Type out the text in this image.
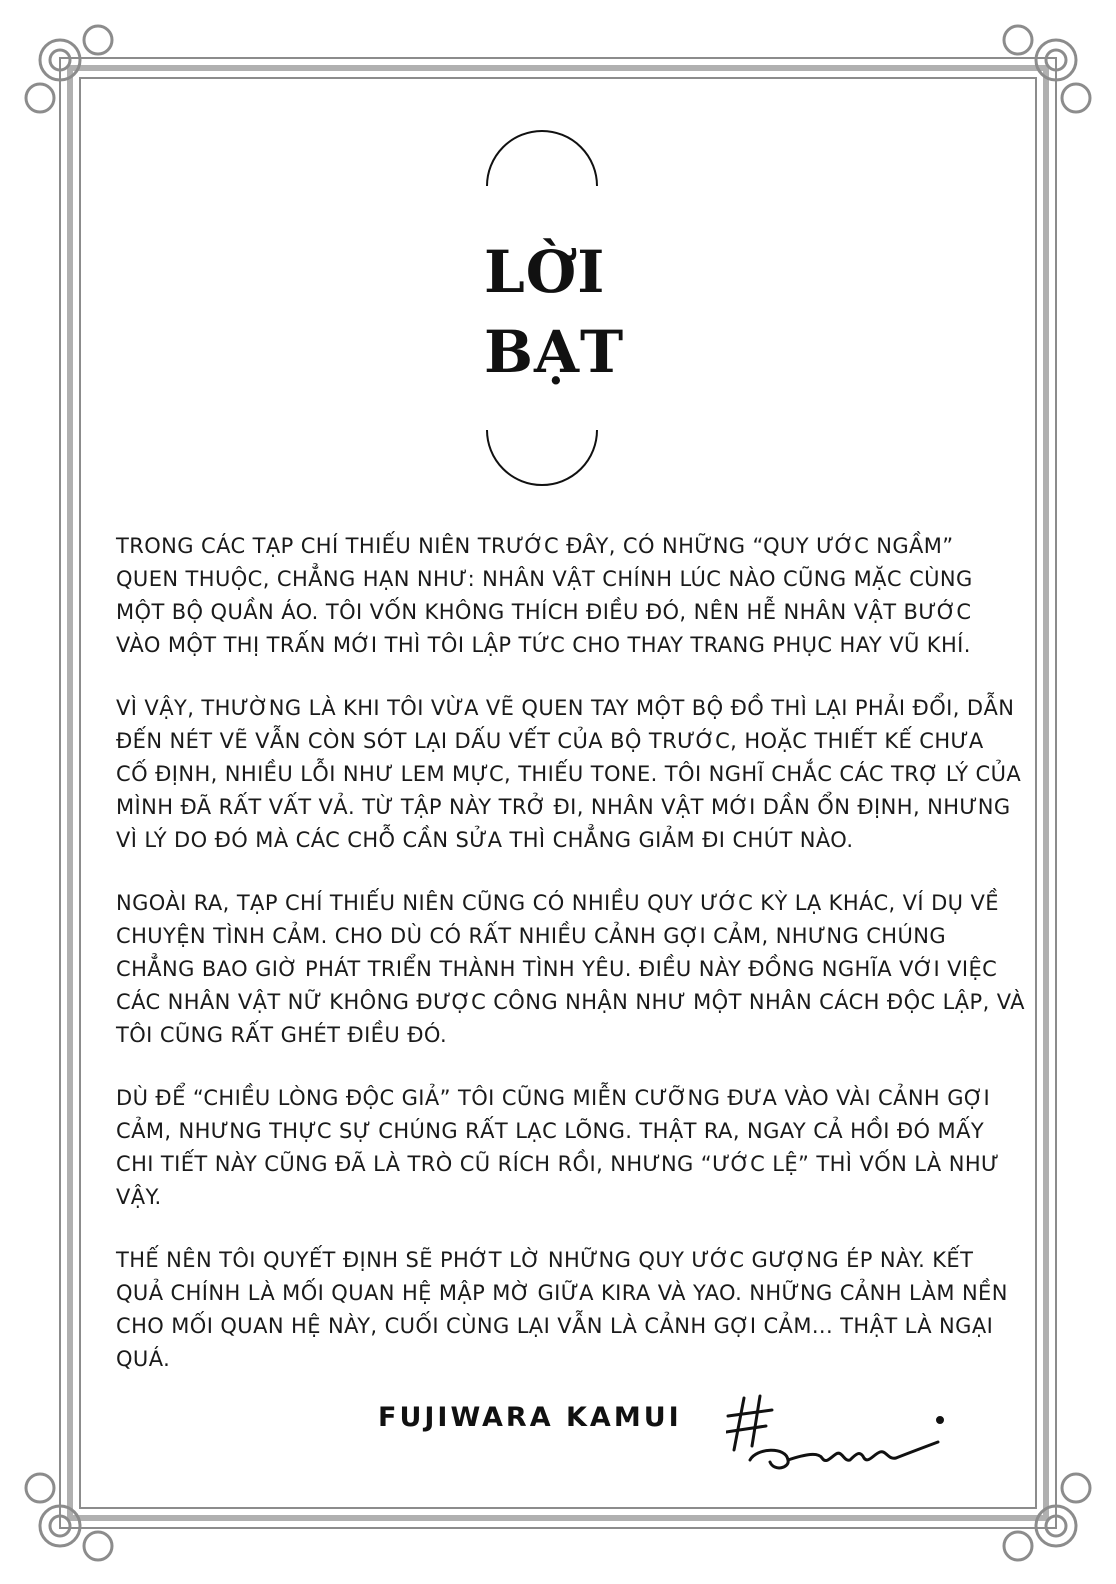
LỜI
BẠT
TRONG CÁC TẠP CHÍ THIẾU NIÊN TRƯỚC ĐÂY, CÓ NHỮNG “QUY ƯỚC NGẦM”
QUEN THUỘC, CHẲNG HẠN NHƯ: NHÂN VẬT CHÍNH LÚC NÀO CŨNG MẶC CÙNG
MỘT BỘ QUẦN ÁO. TÔI VỐN KHÔNG THÍCH ĐIỀU ĐÓ, NÊN HỄ NHÂN VẬT BƯỚC
VÀO MỘT THỊ TRẤN MỚI THÌ TÔI LẬP TỨC CHO THAY TRANG PHỤC HAY VŨ KHÍ.
VÌ VẬY, THƯỜNG LÀ KHI TÔI VỪA VẼ QUEN TAY MỘT BỘ ĐỒ THÌ LẠI PHẢI ĐỔI, DẪN
ĐẾN NÉT VẼ VẪN CÒN SÓT LẠI DẤU VẾT CỦA BỘ TRƯỚC, HOẶC THIẾT KẾ CHƯA
CỐ ĐỊNH, NHIỀU LỖI NHƯ LEM MỰC, THIẾU TONE. TÔI NGHĨ CHẮC CÁC TRỢ LÝ CỦA
MÌNH ĐÃ RẤT VẤT VẢ. TỪ TẬP NÀY TRỞ ĐI, NHÂN VẬT MỚI DẦN ỔN ĐỊNH, NHƯNG
VÌ LÝ DO ĐÓ MÀ CÁC CHỖ CẦN SỬA THÌ CHẲNG GIẢM ĐI CHÚT NÀO.
NGOÀI RA, TẠP CHÍ THIẾU NIÊN CŨNG CÓ NHIỀU QUY ƯỚC KỲ LẠ KHÁC, VÍ DỤ VỀ
CHUYỆN TÌNH CẢM. CHO DÙ CÓ RẤT NHIỀU CẢNH GỢI CẢM, NHƯNG CHÚNG
CHẲNG BAO GIỜ PHÁT TRIỂN THÀNH TÌNH YÊU. ĐIỀU NÀY ĐỒNG NGHĨA VỚI VIỆC
CÁC NHÂN VẬT NỮ KHÔNG ĐƯỢC CÔNG NHẬN NHƯ MỘT NHÂN CÁCH ĐỘC LẬP, VÀ
TÔI CŨNG RẤT GHÉT ĐIỀU ĐÓ.
DÙ ĐỂ “CHIỀU LÒNG ĐỘC GIẢ” TÔI CŨNG MIỄN CƯỠNG ĐƯA VÀO VÀI CẢNH GỢI
CẢM, NHƯNG THỰC SỰ CHÚNG RẤT LẠC LÕNG. THẬT RA, NGAY CẢ HỒI ĐÓ MẤY
CHI TIẾT NÀY CŨNG ĐÃ LÀ TRÒ CŨ RÍCH RỒI, NHƯNG “ƯỚC LỆ” THÌ VỐN LÀ NHƯ
VẬY.
THẾ NÊN TÔI QUYẾT ĐỊNH SẼ PHỚT LỜ NHỮNG QUY ƯỚC GƯỢNG ÉP NÀY. KẾT
QUẢ CHÍNH LÀ MỐI QUAN HỆ MẬP MỜ GIỮA KIRA VÀ YAO. NHỮNG CẢNH LÀM NỀN
CHO MỐI QUAN HỆ NÀY, CUỐI CÙNG LẠI VẪN LÀ CẢNH GỢI CẢM... THẬT LÀ NGẠI
QUÁ.
FUJIWARA KAMUI
